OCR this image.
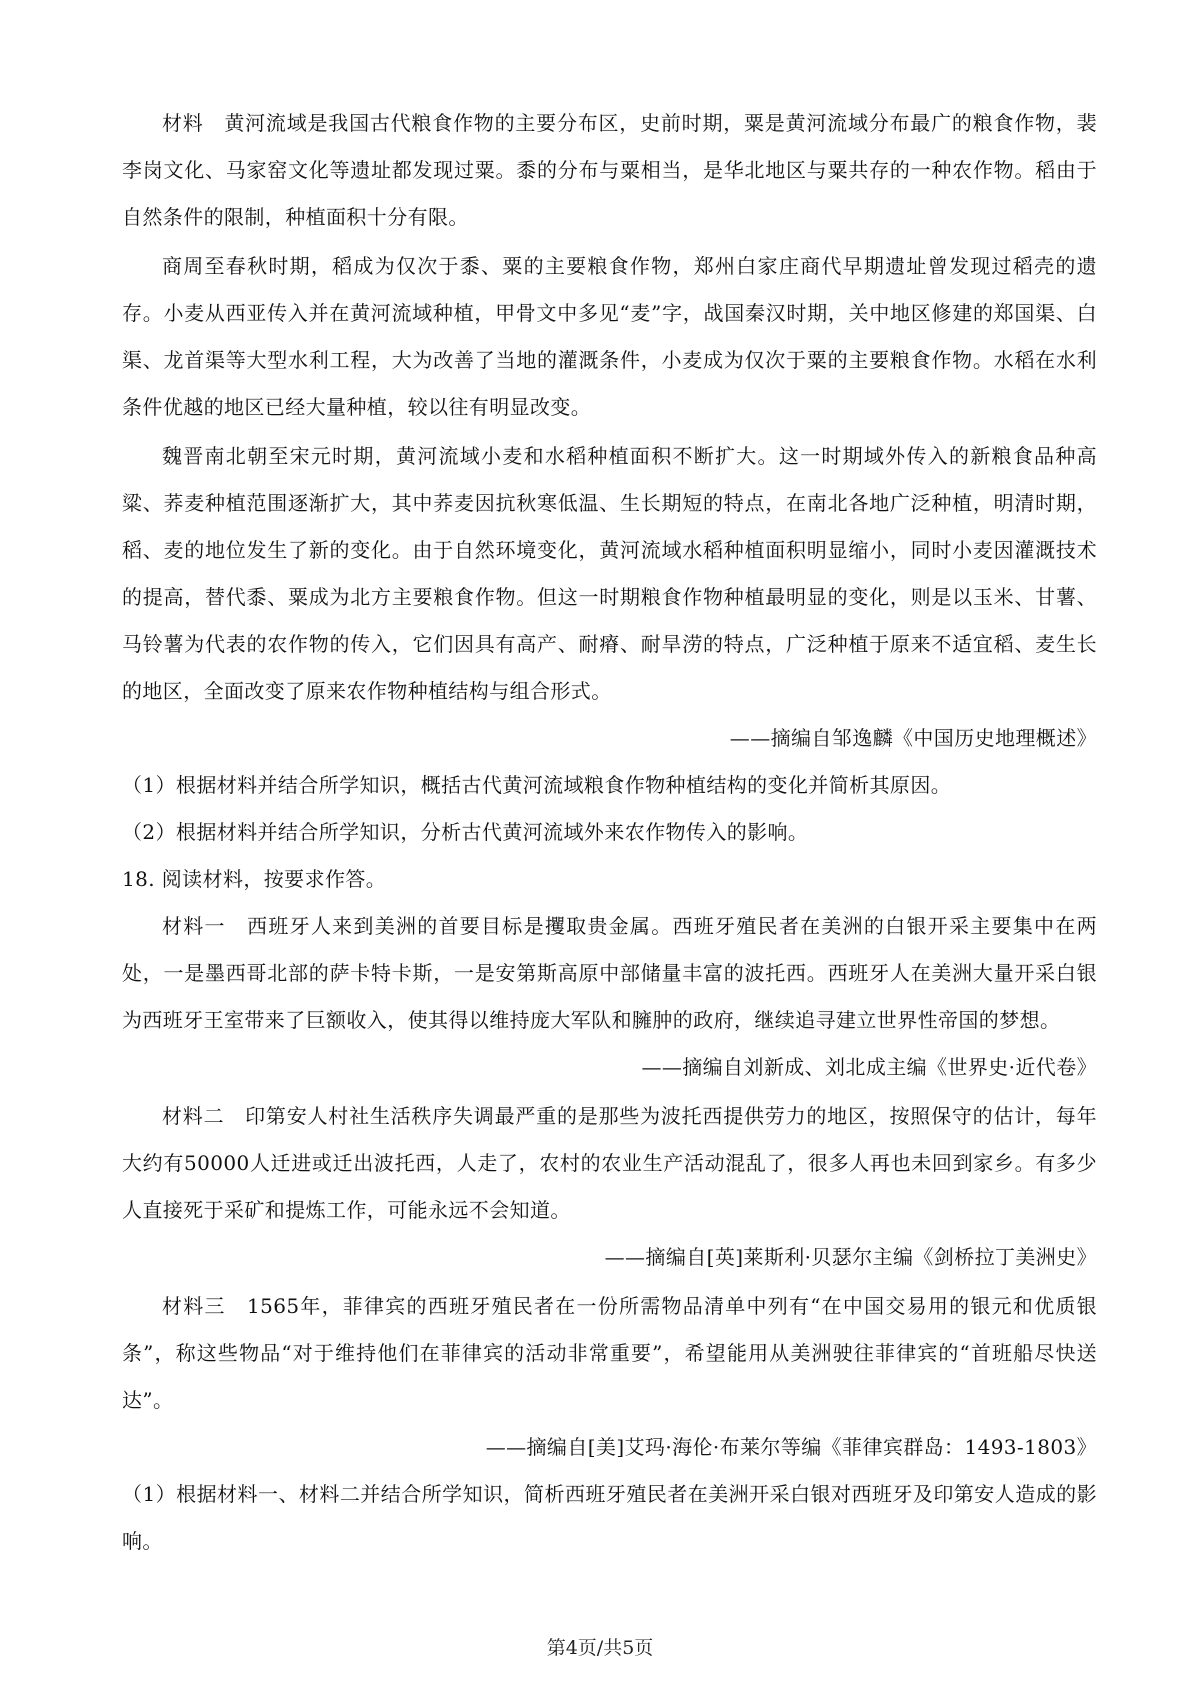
材料　黄河流域是我国古代粮食作物的主要分布区，史前时期，粟是黄河流域分布最广的粮食作物，裴李岗文化、马家窑文化等遗址都发现过粟。黍的分布与粟相当，是华北地区与粟共存的一种农作物。稻由于自然条件的限制，种植面积十分有限。

商周至春秋时期，稻成为仅次于黍、粟的主要粮食作物，郑州白家庄商代早期遗址曾发现过稻壳的遗存。小麦从西亚传入并在黄河流域种植，甲骨文中多见“麦”字，战国秦汉时期，关中地区修建的郑国渠、白渠、龙首渠等大型水利工程，大为改善了当地的灌溉条件，小麦成为仅次于粟的主要粮食作物。水稻在水利条件优越的地区已经大量种植，较以往有明显改变。

魏晋南北朝至宋元时期，黄河流域小麦和水稻种植面积不断扩大。这一时期域外传入的新粮食品种高粱、荞麦种植范围逐渐扩大，其中荞麦因抗秋寒低温、生长期短的特点，在南北各地广泛种植，明清时期，稻、麦的地位发生了新的变化。由于自然环境变化，黄河流域水稻种植面积明显缩小，同时小麦因灌溉技术的提高，替代黍、粟成为北方主要粮食作物。但这一时期粮食作物种植最明显的变化，则是以玉米、甘薯、马铃薯为代表的农作物的传入，它们因具有高产、耐瘠、耐旱涝的特点，广泛种植于原来不适宜稻、麦生长的地区，全面改变了原来农作物种植结构与组合形式。

——摘编自邹逸麟《中国历史地理概述》

（1）根据材料并结合所学知识，概括古代黄河流域粮食作物种植结构的变化并简析其原因。

（2）根据材料并结合所学知识，分析古代黄河流域外来农作物传入的影响。

18. 阅读材料，按要求作答。

材料一　西班牙人来到美洲的首要目标是攫取贵金属。西班牙殖民者在美洲的白银开采主要集中在两处，一是墨西哥北部的萨卡特卡斯，一是安第斯高原中部储量丰富的波托西。西班牙人在美洲大量开采白银为西班牙王室带来了巨额收入，使其得以维持庞大军队和臃肿的政府，继续追寻建立世界性帝国的梦想。

——摘编自刘新成、刘北成主编《世界史·近代卷》

材料二　印第安人村社生活秩序失调最严重的是那些为波托西提供劳力的地区，按照保守的估计，每年大约有50000人迁进或迁出波托西，人走了，农村的农业生产活动混乱了，很多人再也未回到家乡。有多少人直接死于采矿和提炼工作，可能永远不会知道。

——摘编自[英]莱斯利·贝瑟尔主编《剑桥拉丁美洲史》

材料三　1565年，菲律宾的西班牙殖民者在一份所需物品清单中列有“在中国交易用的银元和优质银条”，称这些物品“对于维持他们在菲律宾的活动非常重要”，希望能用从美洲驶往菲律宾的“首班船尽快送达”。

——摘编自[美]艾玛·海伦·布莱尔等编《菲律宾群岛：1493-1803》

（1）根据材料一、材料二并结合所学知识，简析西班牙殖民者在美洲开采白银对西班牙及印第安人造成的影响。

第4页/共5页
